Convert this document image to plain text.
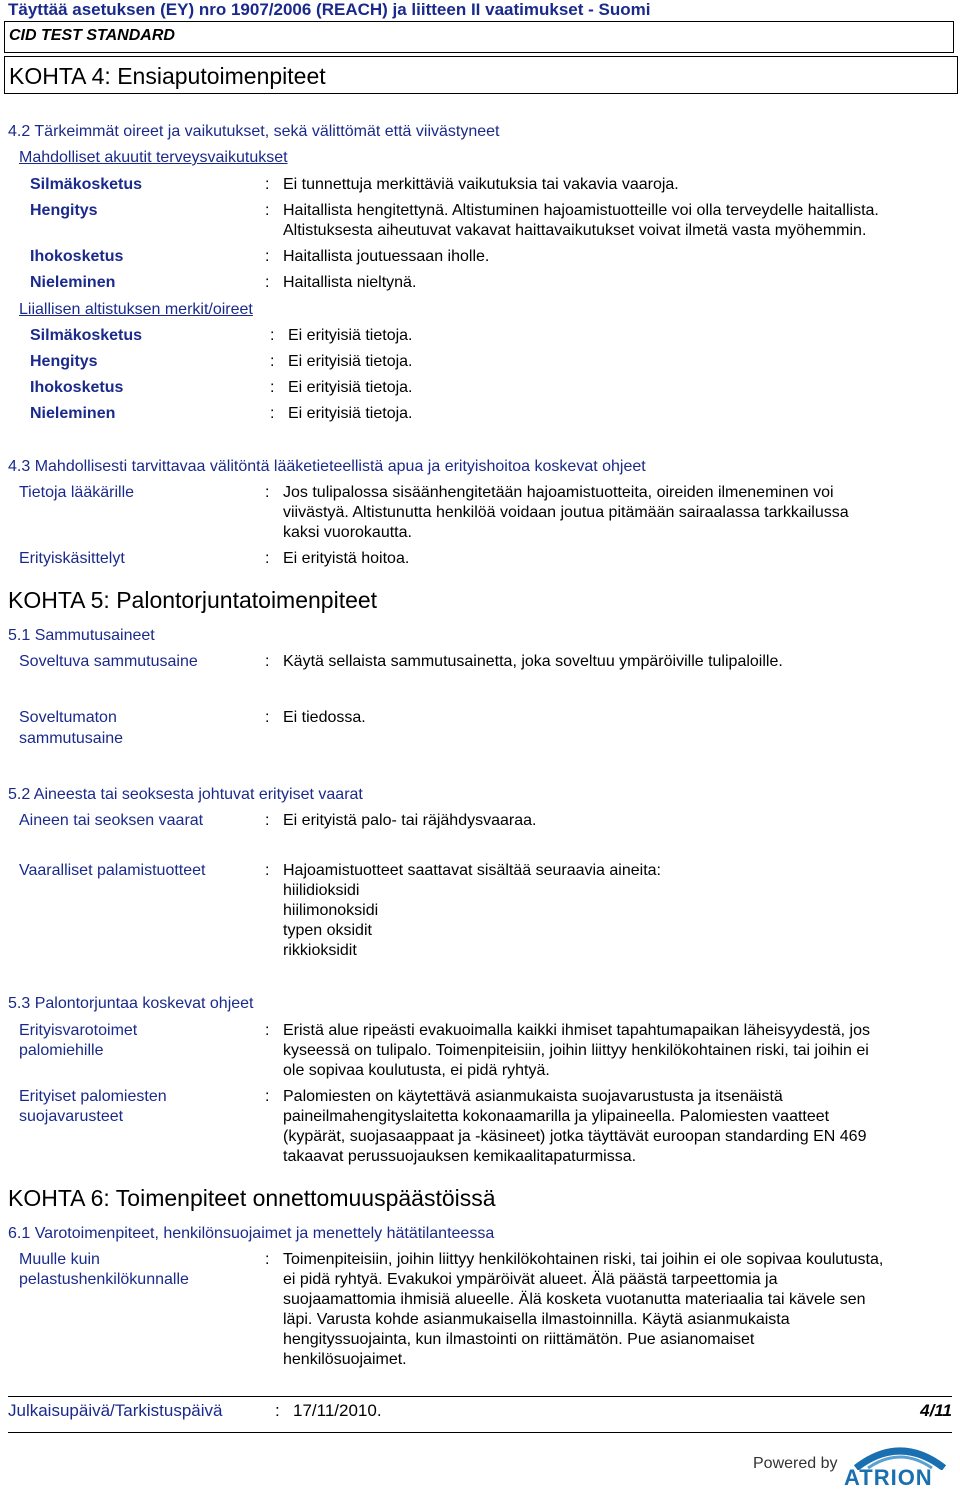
Täyttää asetuksen (EY) nro 1907/2006 (REACH) ja liitteen II vaatimukset - Suomi
CID TEST STANDARD
KOHTA 4: Ensiaputoimenpiteet
4.2 Tärkeimmät oireet ja vaikutukset, sekä välittömät että viivästyneet
Mahdolliset akuutit terveysvaikutukset
Silmäkosketus	: Ei tunnettuja merkittäviä vaikutuksia tai vakavia vaaroja.
Hengitys	: Haitallista hengitettynä. Altistuminen hajoamistuotteille voi olla terveydelle haitallista.
Altistuksesta aiheutuvat vakavat haittavaikutukset voivat ilmetä vasta myöhemmin.
Ihokosketus	: Haitallista joutuessaan iholle.
Nieleminen	: Haitallista nieltynä.
Liiallisen altistuksen merkit/oireet
Silmäkosketus	: Ei erityisiä tietoja.
Hengitys	: Ei erityisiä tietoja.
Ihokosketus	: Ei erityisiä tietoja.
Nieleminen	: Ei erityisiä tietoja.
4.3 Mahdollisesti tarvittavaa välitöntä lääketieteellistä apua ja erityishoitoa koskevat ohjeet
Tietoja lääkärille	: Jos tulipalossa sisäänhengitetään hajoamistuotteita, oireiden ilmeneminen voi
viivästyä. Altistunutta henkilöä voidaan joutua pitämään sairaalassa tarkkailussa
kaksi vuorokautta.
Erityiskäsittelyt	: Ei erityistä hoitoa.
KOHTA 5: Palontorjuntatoimenpiteet
5.1 Sammutusaineet
Soveltuva sammutusaine	: Käytä sellaista sammutusainetta, joka soveltuu ympäröiville tulipaloille.
Soveltumaton
sammutusaine
: Ei tiedossa.
5.2 Aineesta tai seoksesta johtuvat erityiset vaarat
Aineen tai seoksen vaarat	: Ei erityistä palo- tai räjähdysvaaraa.
Vaaralliset palamistuotteet	: Hajoamistuotteet saattavat sisältää seuraavia aineita:
hiilidioksidi
hiilimonoksidi
typen oksidit
rikkioksidit
5.3 Palontorjuntaa koskevat ohjeet
Erityisvarotoimet
palomiehille
: Eristä alue ripeästi evakuoimalla kaikki ihmiset tapahtumapaikan läheisyydestä, jos
kyseessä on tulipalo. Toimenpiteisiin, joihin liittyy henkilökohtainen riski, tai joihin ei
ole sopivaa koulutusta, ei pidä ryhtyä.
Erityiset palomiesten
suojavarusteet
: Palomiesten on käytettävä asianmukaista suojavarustusta ja itsenäistä
paineilmahengityslaitetta kokonaamarilla ja ylipaineella. Palomiesten vaatteet
(kypärät, suojasaappaat ja -käsineet) jotka täyttävät euroopan standarding EN 469
takaavat perussuojauksen kemikaalitapaturmissa.
KOHTA 6: Toimenpiteet onnettomuuspäästöissä
6.1 Varotoimenpiteet, henkilönsuojaimet ja menettely hätätilanteessa
Muulle kuin
pelastushenkilökunnalle
: Toimenpiteisiin, joihin liittyy henkilökohtainen riski, tai joihin ei ole sopivaa koulutusta,
ei pidä ryhtyä. Evakukoi ympäröivät alueet. Älä päästä tarpeettomia ja
suojaamattomia ihmisiä alueelle. Älä kosketa vuotanutta materiaalia tai kävele sen
läpi. Varusta kohde asianmukaisella ilmastoinnilla. Käytä asianmukaista
hengityssuojainta, kun ilmastointi on riittämätön. Pue asianomaiset
henkilösuojaimet.
Julkaisupäivä/Tarkistuspäivä	: 17/11/2010.	4/11
Powered by
ATRION
